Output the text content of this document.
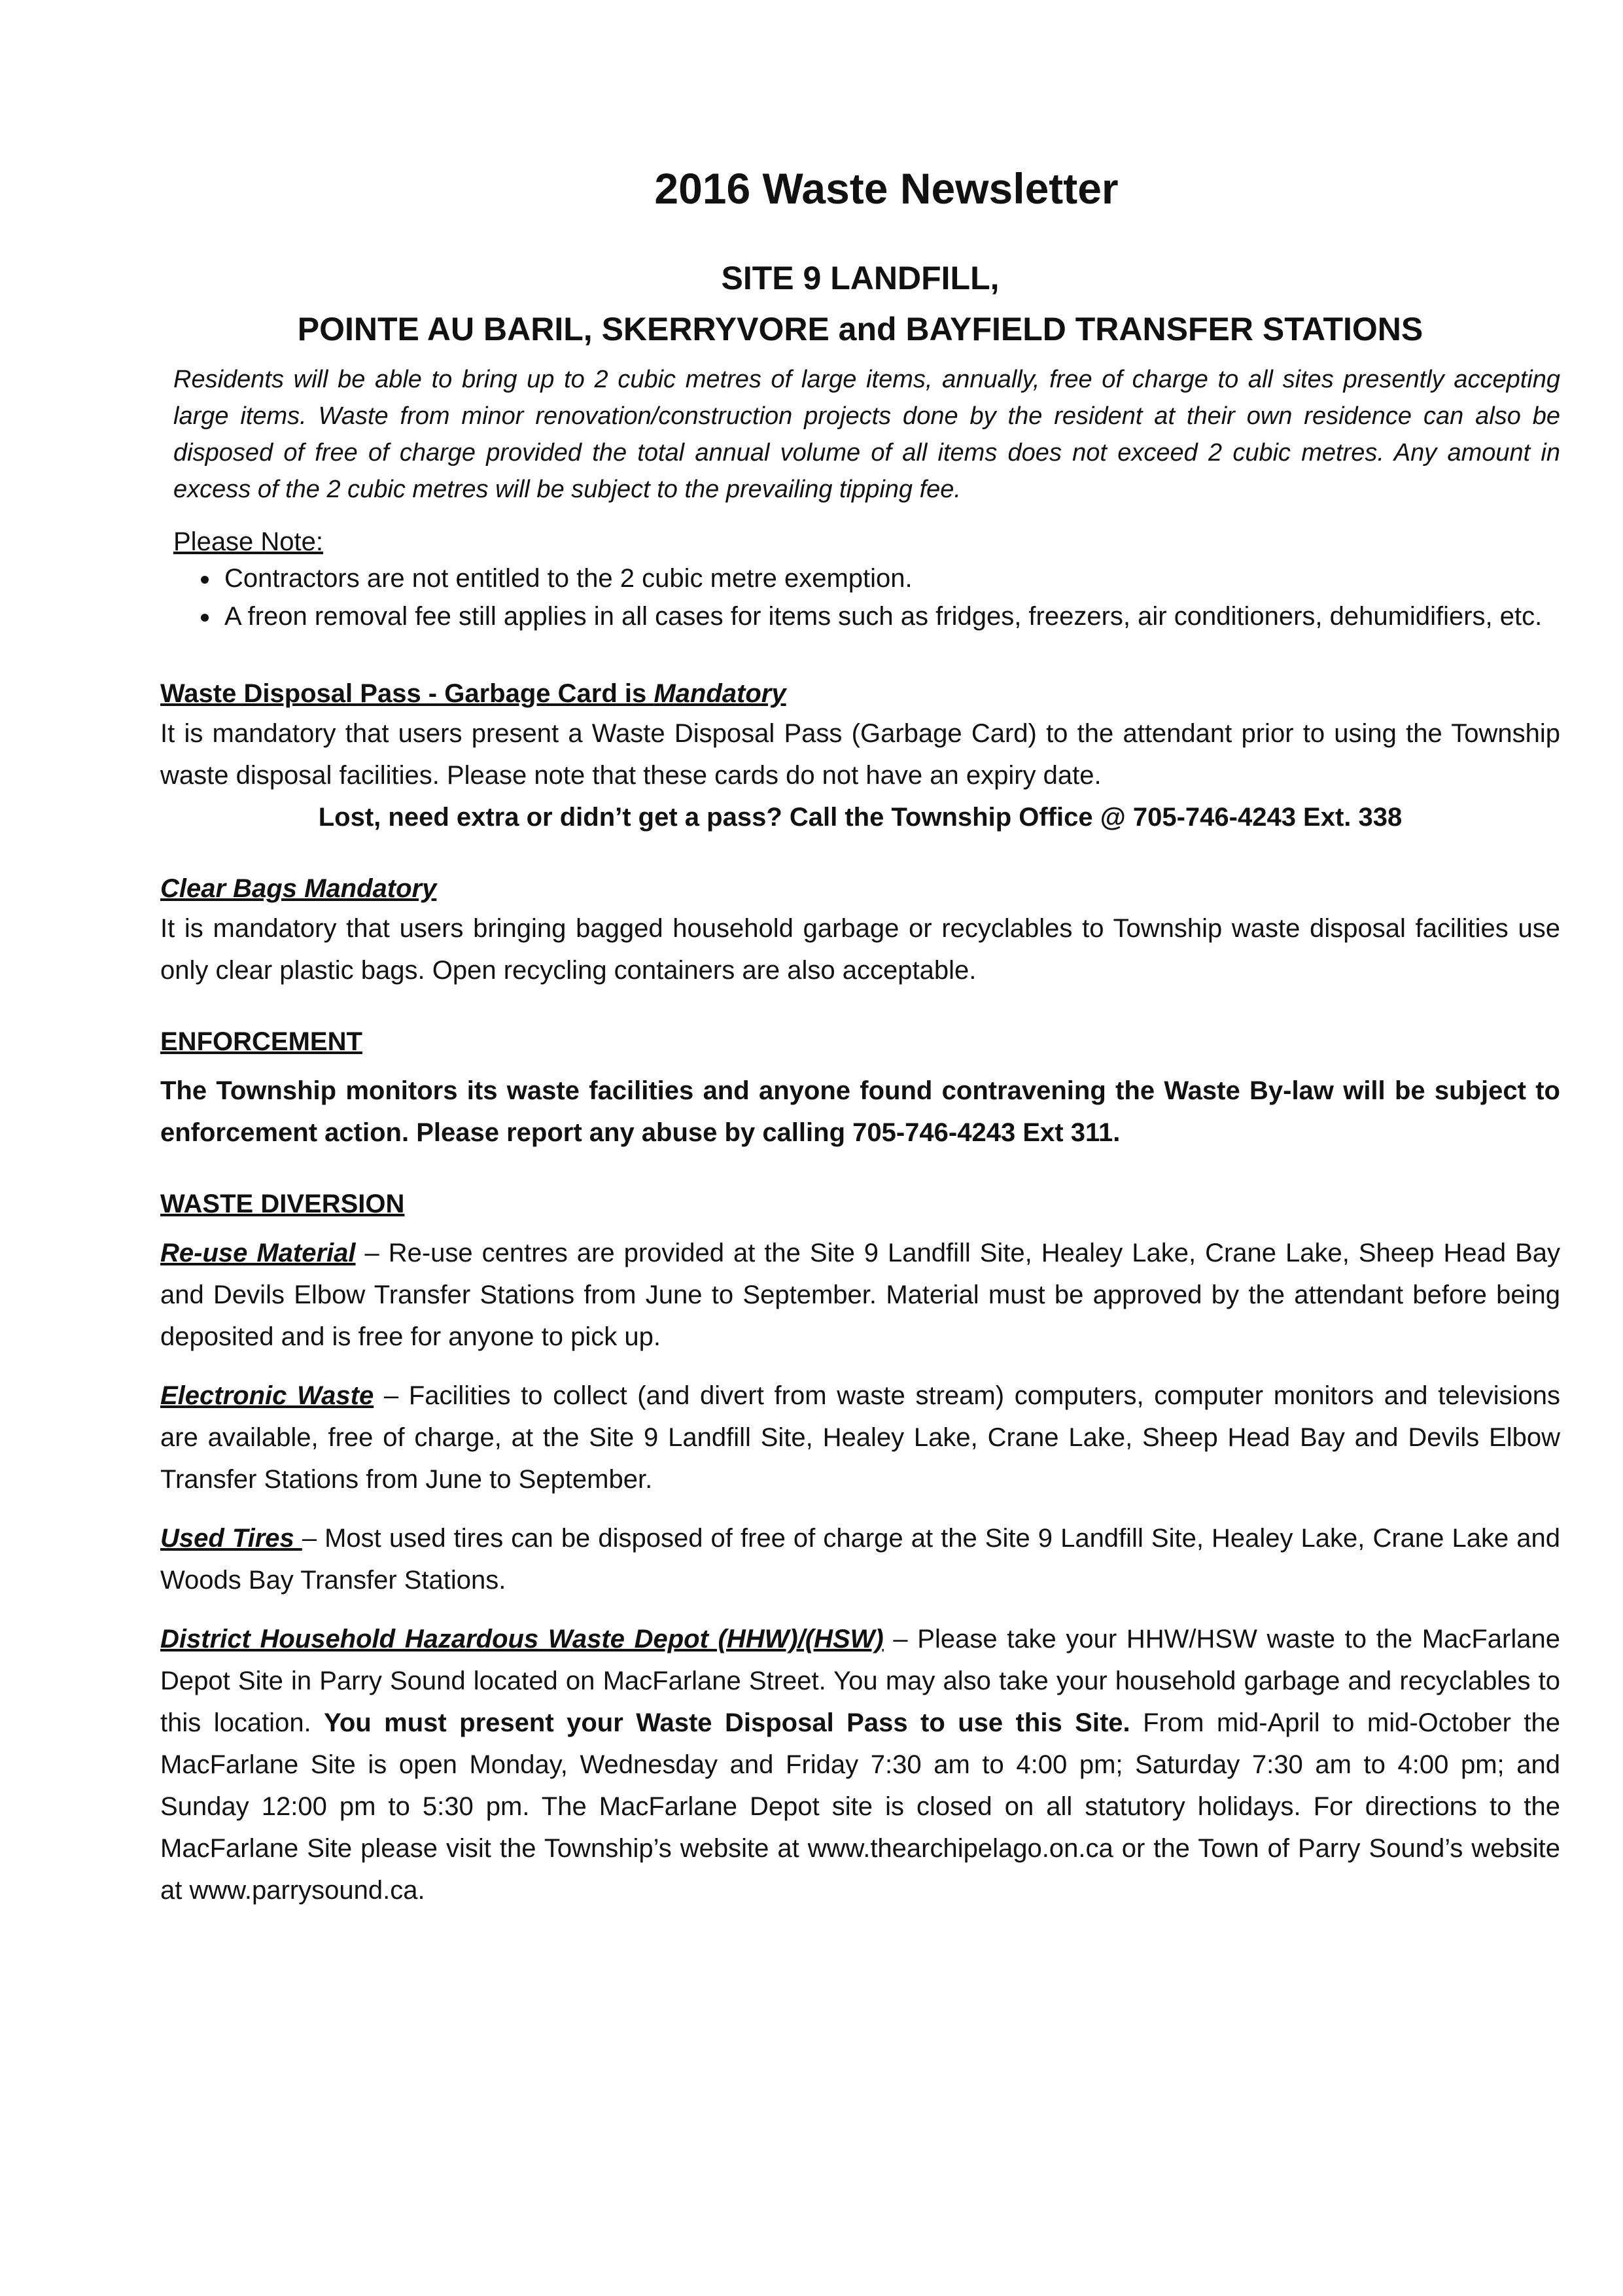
2016 Waste Newsletter

SITE 9 LANDFILL,

POINTE AU BARIL, SKERRYVORE and BAYFIELD TRANSFER STATIONS

Residents will be able to bring up to 2 cubic metres of large items, annually, free of charge to all sites presently accepting large items. Waste from minor renovation/construction projects done by the resident at their own residence can also be disposed of free of charge provided the total annual volume of all items does not exceed 2 cubic metres. Any amount in excess of the 2 cubic metres will be subject to the prevailing tipping fee.

Please Note:

• Contractors are not entitled to the 2 cubic metre exemption.
• A freon removal fee still applies in all cases for items such as fridges, freezers, air conditioners, dehumidifiers, etc.

Waste Disposal Pass - Garbage Card is Mandatory

It is mandatory that users present a Waste Disposal Pass (Garbage Card) to the attendant prior to using the Township waste disposal facilities. Please note that these cards do not have an expiry date.

Lost, need extra or didn’t get a pass? Call the Township Office @ 705-746-4243 Ext. 338

Clear Bags Mandatory

It is mandatory that users bringing bagged household garbage or recyclables to Township waste disposal facilities use only clear plastic bags. Open recycling containers are also acceptable.

ENFORCEMENT

The Township monitors its waste facilities and anyone found contravening the Waste By-law will be subject to enforcement action. Please report any abuse by calling 705-746-4243 Ext 311.

WASTE DIVERSION

Re-use Material – Re-use centres are provided at the Site 9 Landfill Site, Healey Lake, Crane Lake, Sheep Head Bay and Devils Elbow Transfer Stations from June to September. Material must be approved by the attendant before being deposited and is free for anyone to pick up.

Electronic Waste – Facilities to collect (and divert from waste stream) computers, computer monitors and televisions are available, free of charge, at the Site 9 Landfill Site, Healey Lake, Crane Lake, Sheep Head Bay and Devils Elbow Transfer Stations from June to September.

Used Tires – Most used tires can be disposed of free of charge at the Site 9 Landfill Site, Healey Lake, Crane Lake and Woods Bay Transfer Stations.

District Household Hazardous Waste Depot (HHW)/(HSW) – Please take your HHW/HSW waste to the MacFarlane Depot Site in Parry Sound located on MacFarlane Street. You may also take your household garbage and recyclables to this location. You must present your Waste Disposal Pass to use this Site. From mid-April to mid-October the MacFarlane Site is open Monday, Wednesday and Friday 7:30 am to 4:00 pm; Saturday 7:30 am to 4:00 pm; and Sunday 12:00 pm to 5:30 pm. The MacFarlane Depot site is closed on all statutory holidays. For directions to the MacFarlane Site please visit the Township’s website at www.thearchipelago.on.ca or the Town of Parry Sound’s website at www.parrysound.ca.
